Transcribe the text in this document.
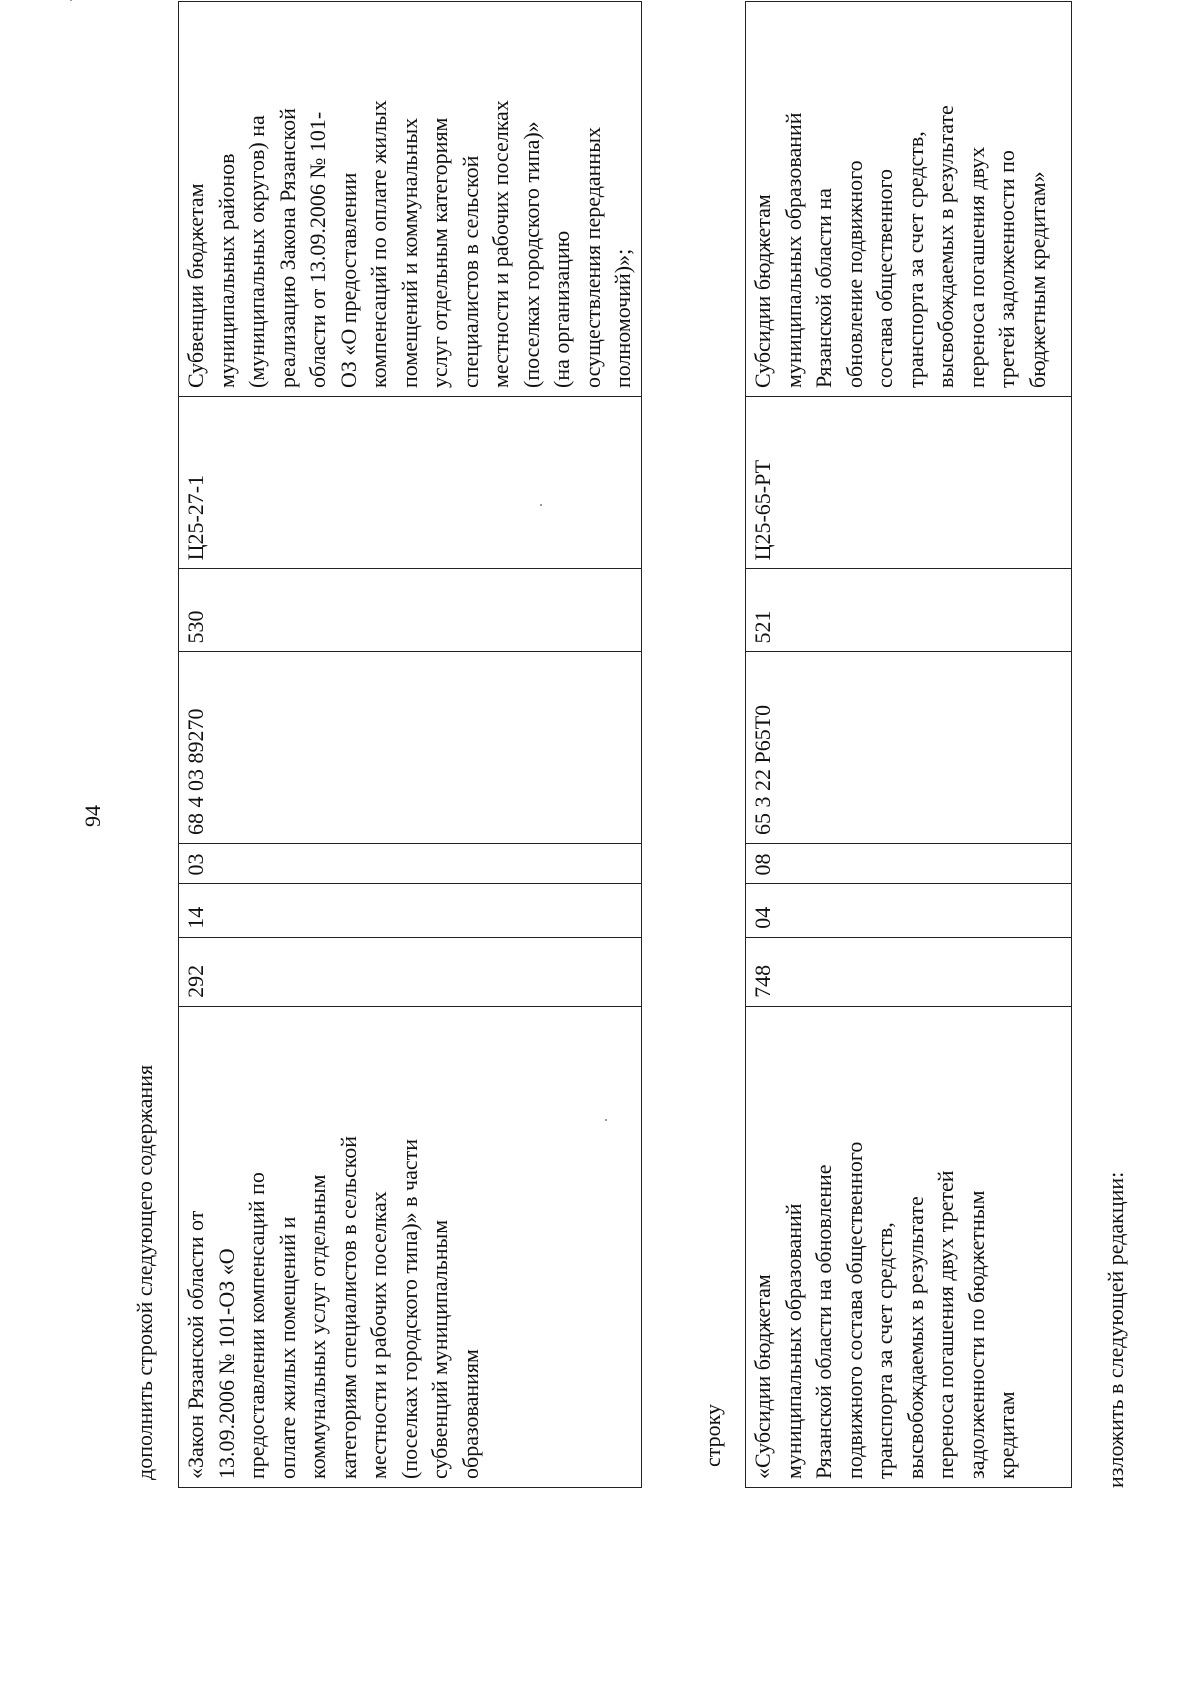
94
дополнить строкой следующего содержания «Закон Рязанской области от
13.09.2006 № 101-ОЗ «О
предоставлении компенсаций по
оплате жилых помещений и
коммунальных услуг отдельным
категориям специалистов в сельской
местности и рабочих поселках
(поселках городского типа)» в части
субвенций муниципальным
образованиям	292	14	03	68 4 03 89270	530	Ц25-27-1	Субвенции бюджетам
муниципальных районов
(муниципальных округов) на
реализацию Закона Рязанской
области от 13.09.2006 № 101-
ОЗ «О предоставлении
компенсаций по оплате жилых
помещений и коммунальных
услуг отдельным категориям
специалистов в сельской
местности и рабочих поселках
(поселках городского типа)»
(на организацию
осуществления переданных
полномочий)»;
строку «Субсидии бюджетам
муниципальных образований
Рязанской области на обновление
подвижного состава общественного
транспорта за счет средств,
высвобождаемых в результате
переноса погашения двух третей
задолженности по бюджетным
кредитам	748	04	08	65 3 22 Р65Т0	521	Ц25-65-РТ	Субсидии бюджетам
муниципальных образований
Рязанской области на
обновление подвижного
состава общественного
транспорта за счет средств,
высвобождаемых в результате
переноса погашения двух
третей задолженности по
бюджетным кредитам»
изложить в следующей редакции:
